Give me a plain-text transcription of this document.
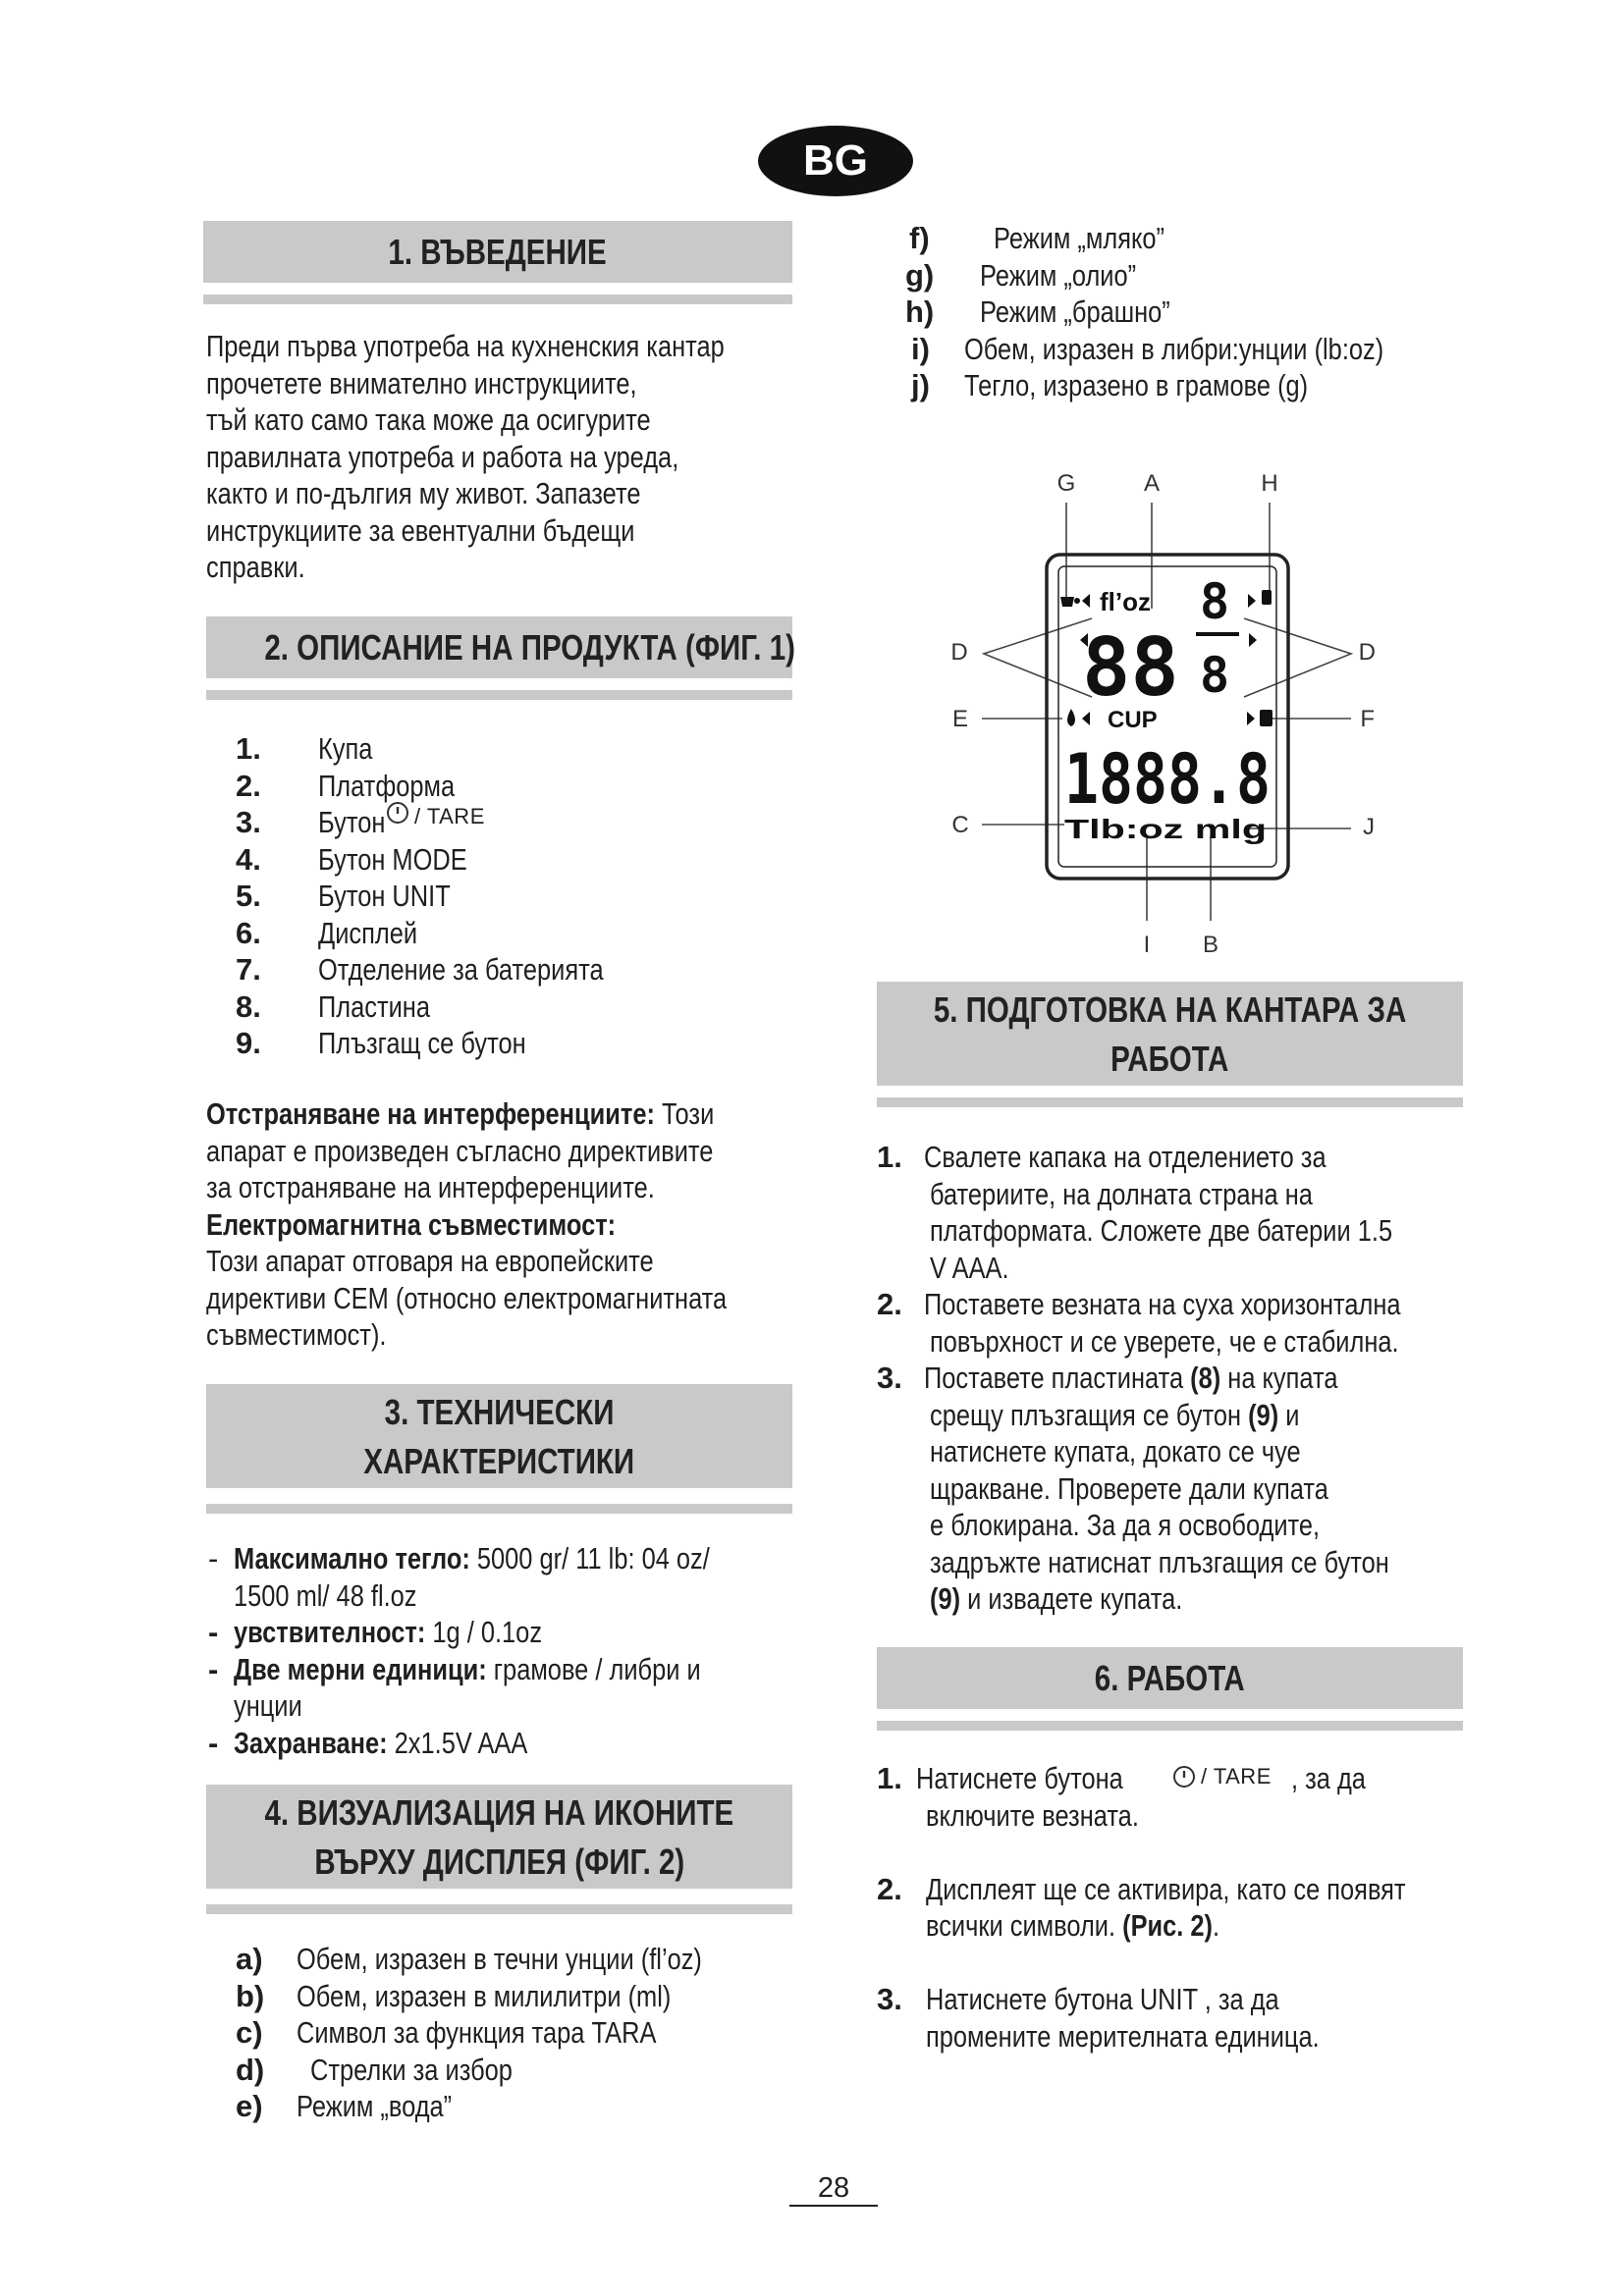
BG
1. ВЪВЕДЕНИЕ
Преди първа употреба на кухненския кантар
прочетете внимателно инструкциите,
тъй като само така може да осигурите
правилната употреба и работа на уреда,
както и по-дългия му живот. Запазете
инструкциите за евентуални бъдещи
справки.
2. ОПИСАНИЕ НА ПРОДУКТА (ФИГ. 1)
1. Купа
2. Платформа
3. Бутон / TARE
4. Бутон MODE
5. Бутон UNIT
6. Дисплей
7. Отделение за батерията
8. Пластина
9. Плъзгащ се бутон
Отстраняване на интерференциите: Този
апарат е произведен съгласно директивите
за отстраняване на интерференциите.
Електромагнитна съвместимост:
Този апарат отговаря на европейските
директиви CEM (относно електромагнитната
съвместимост).
3. ТЕХНИЧЕСКИ
ХАРАКТЕРИСТИКИ
- Максимално тегло: 5000 gr/ 11 lb: 04 oz/
1500 ml/ 48 fl.oz
- увствителност: 1g / 0.1oz
- Две мерни единици: грамове / либри и
унции
- Захранване: 2x1.5V AAA
4. ВИЗУАЛИЗАЦИЯ НА ИКОНИТЕ
ВЪРХУ ДИСПЛЕЯ (ФИГ. 2)
a) Обем, изразен в течни унции (fl’oz)
b) Обем, изразен в милилитри (ml)
c) Символ за функция тара TARA
d) Стрелки за избор
e) Режим „вода”
f) Режим „мляко”
g) Режим „олио”
h) Режим „брашно”
i) Обем, изразен в либри:унции (lb:oz)
j) Тегло, изразено в грамове (g)
G	A	H
D	D
E	F
C	J
I B
fl’oz
88
8
8
CUP
1888.8
Tlb:oz mlg
5. ПОДГОТОВКА НА КАНТАРА ЗА
РАБОТА
1. Свалете капака на отделението за
батериите, на долната страна на
платформата. Сложете две батерии 1.5
V AAA.
2. Поставете везната на суха хоризонтална
повърхност и се уверете, че е стабилна.
3. Поставете пластината (8) на купата
срещу плъзгащия се бутон (9) и
натиснете купата, докато се чуе
щракване. Проверете дали купата
е блокирана. За да я освободите,
задръжте натиснат плъзгащия се бутон
(9) и извадете купата.
6. РАБОТА
1. Натиснете бутона	/ TARE , за да
включите везната.
2. Дисплеят ще се активира, като се появят
всички символи. (Рис. 2).
3. Натиснете бутона UNIT , за да
промените мерителната единица.
28
